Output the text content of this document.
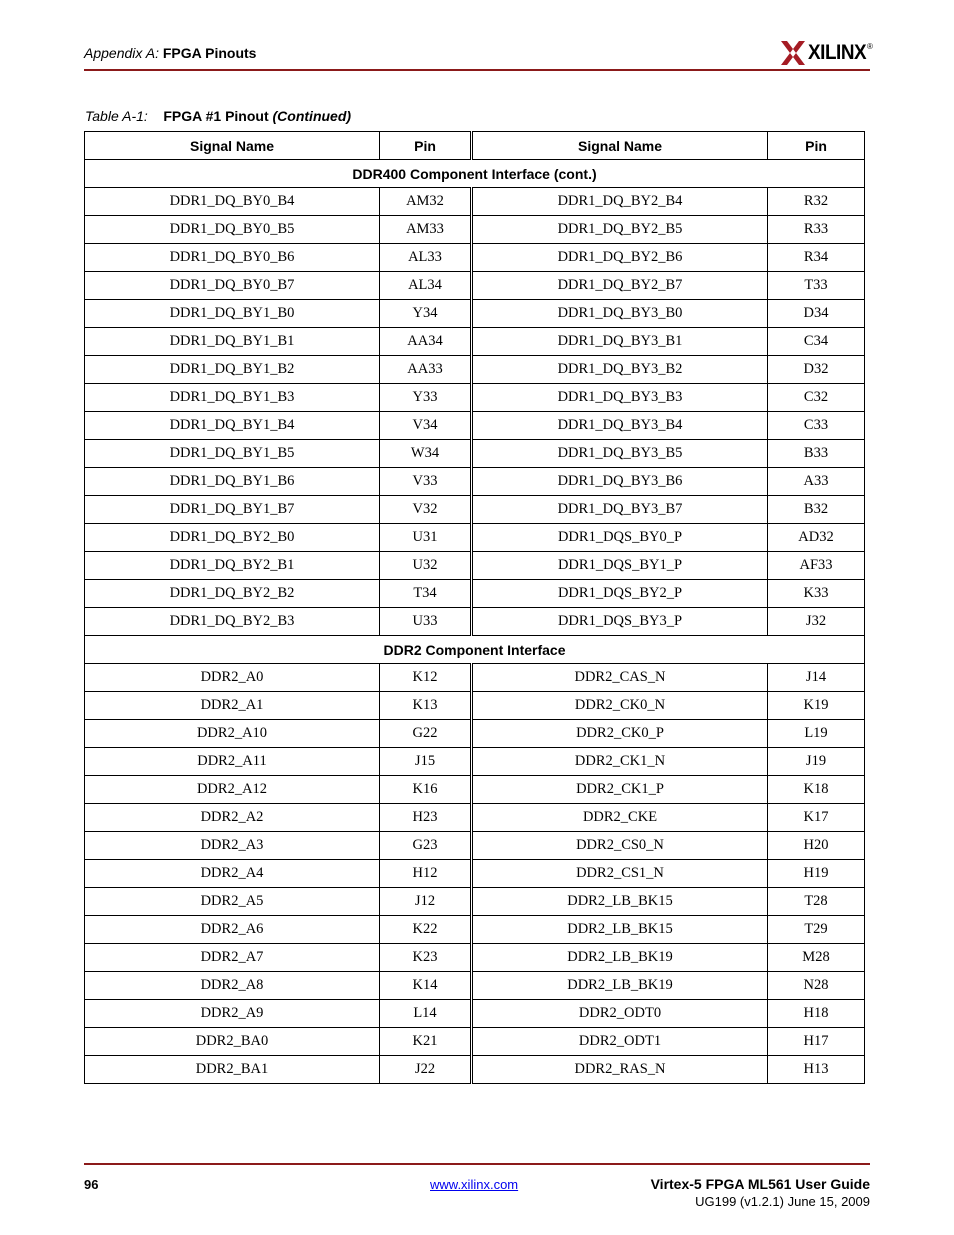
Appendix A: FPGA Pinouts	XILINX ®
Table A-1: FPGA #1 Pinout (Continued)
Signal Name	Pin	Signal Name	Pin
DDR400 Component Interface (cont.)			
DDR1_DQ_BY0_B4	AM32	DDR1_DQ_BY2_B4	R32
DDR1_DQ_BY0_B5	AM33	DDR1_DQ_BY2_B5	R33
DDR1_DQ_BY0_B6	AL33	DDR1_DQ_BY2_B6	R34
DDR1_DQ_BY0_B7	AL34	DDR1_DQ_BY2_B7	T33
DDR1_DQ_BY1_B0	Y34	DDR1_DQ_BY3_B0	D34
DDR1_DQ_BY1_B1	AA34	DDR1_DQ_BY3_B1	C34
DDR1_DQ_BY1_B2	AA33	DDR1_DQ_BY3_B2	D32
DDR1_DQ_BY1_B3	Y33	DDR1_DQ_BY3_B3	C32
DDR1_DQ_BY1_B4	V34	DDR1_DQ_BY3_B4	C33
DDR1_DQ_BY1_B5	W34	DDR1_DQ_BY3_B5	B33
DDR1_DQ_BY1_B6	V33	DDR1_DQ_BY3_B6	A33
DDR1_DQ_BY1_B7	V32	DDR1_DQ_BY3_B7	B32
DDR1_DQ_BY2_B0	U31	DDR1_DQS_BY0_P	AD32
DDR1_DQ_BY2_B1	U32	DDR1_DQS_BY1_P	AF33
DDR1_DQ_BY2_B2	T34	DDR1_DQS_BY2_P	K33
DDR1_DQ_BY2_B3	U33	DDR1_DQS_BY3_P	J32
DDR2 Component Interface			
DDR2_A0	K12	DDR2_CAS_N	J14
DDR2_A1	K13	DDR2_CK0_N	K19
DDR2_A10	G22	DDR2_CK0_P	L19
DDR2_A11	J15	DDR2_CK1_N	J19
DDR2_A12	K16	DDR2_CK1_P	K18
DDR2_A2	H23	DDR2_CKE	K17
DDR2_A3	G23	DDR2_CS0_N	H20
DDR2_A4	H12	DDR2_CS1_N	H19
DDR2_A5	J12	DDR2_LB_BK15	T28
DDR2_A6	K22	DDR2_LB_BK15	T29
DDR2_A7	K23	DDR2_LB_BK19	M28
DDR2_A8	K14	DDR2_LB_BK19	N28
DDR2_A9	L14	DDR2_ODT0	H18
DDR2_BA0	K21	DDR2_ODT1	H17
DDR2_BA1	J22	DDR2_RAS_N	H13
96	www.xilinx.com	Virtex-5 FPGA ML561 User Guide
UG199 (v1.2.1) June 15, 2009
